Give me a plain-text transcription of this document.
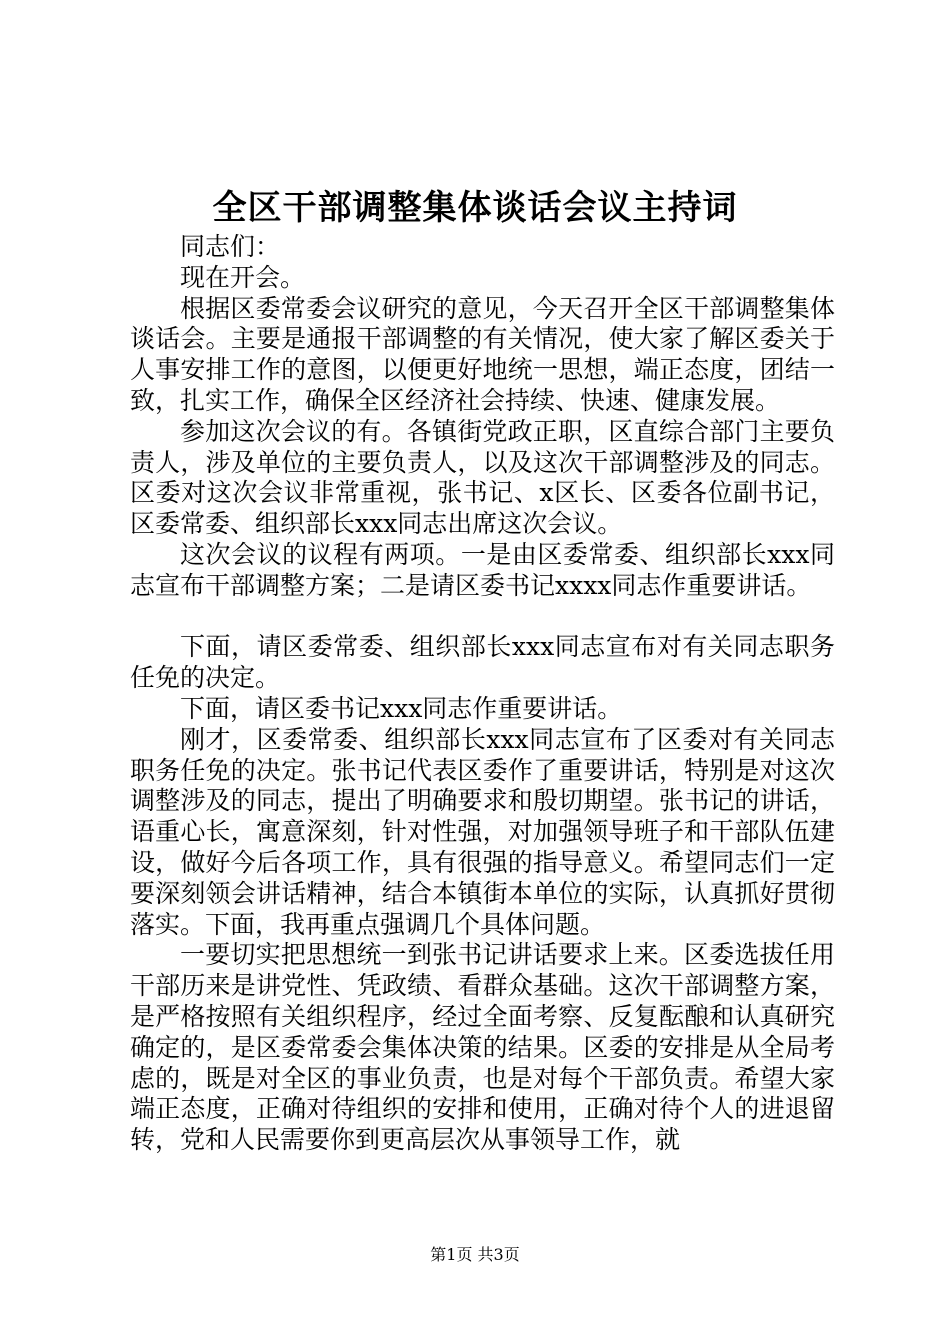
全区干部调整集体谈话会议主持词

同志们：

现在开会。

根据区委常委会议研究的意见，今天召开全区干部调整集体谈话会。主要是通报干部调整的有关情况，使大家了解区委关于人事安排工作的意图，以便更好地统一思想，端正态度，团结一致，扎实工作，确保全区经济社会持续、快速、健康发展。

参加这次会议的有。各镇街党政正职，区直综合部门主要负责人，涉及单位的主要负责人，以及这次干部调整涉及的同志。区委对这次会议非常重视，张书记、x区长、区委各位副书记，区委常委、组织部长xxx同志出席这次会议。

这次会议的议程有两项。一是由区委常委、组织部长xxx同志宣布干部调整方案；二是请区委书记xxxx同志作重要讲话。

下面，请区委常委、组织部长xxx同志宣布对有关同志职务任免的决定。

下面，请区委书记xxx同志作重要讲话。

刚才，区委常委、组织部长xxx同志宣布了区委对有关同志职务任免的决定。张书记代表区委作了重要讲话，特别是对这次调整涉及的同志，提出了明确要求和殷切期望。张书记的讲话，语重心长，寓意深刻，针对性强，对加强领导班子和干部队伍建设，做好今后各项工作，具有很强的指导意义。希望同志们一定要深刻领会讲话精神，结合本镇街本单位的实际，认真抓好贯彻落实。下面，我再重点强调几个具体问题。

一要切实把思想统一到张书记讲话要求上来。区委选拔任用干部历来是讲党性、凭政绩、看群众基础。这次干部调整方案，是严格按照有关组织程序，经过全面考察、反复酝酿和认真研究确定的，是区委常委会集体决策的结果。区委的安排是从全局考虑的，既是对全区的事业负责，也是对每个干部负责。希望大家端正态度，正确对待组织的安排和使用，正确对待个人的进退留转，党和人民需要你到更高层次从事领导工作，就

第1页 共3页
